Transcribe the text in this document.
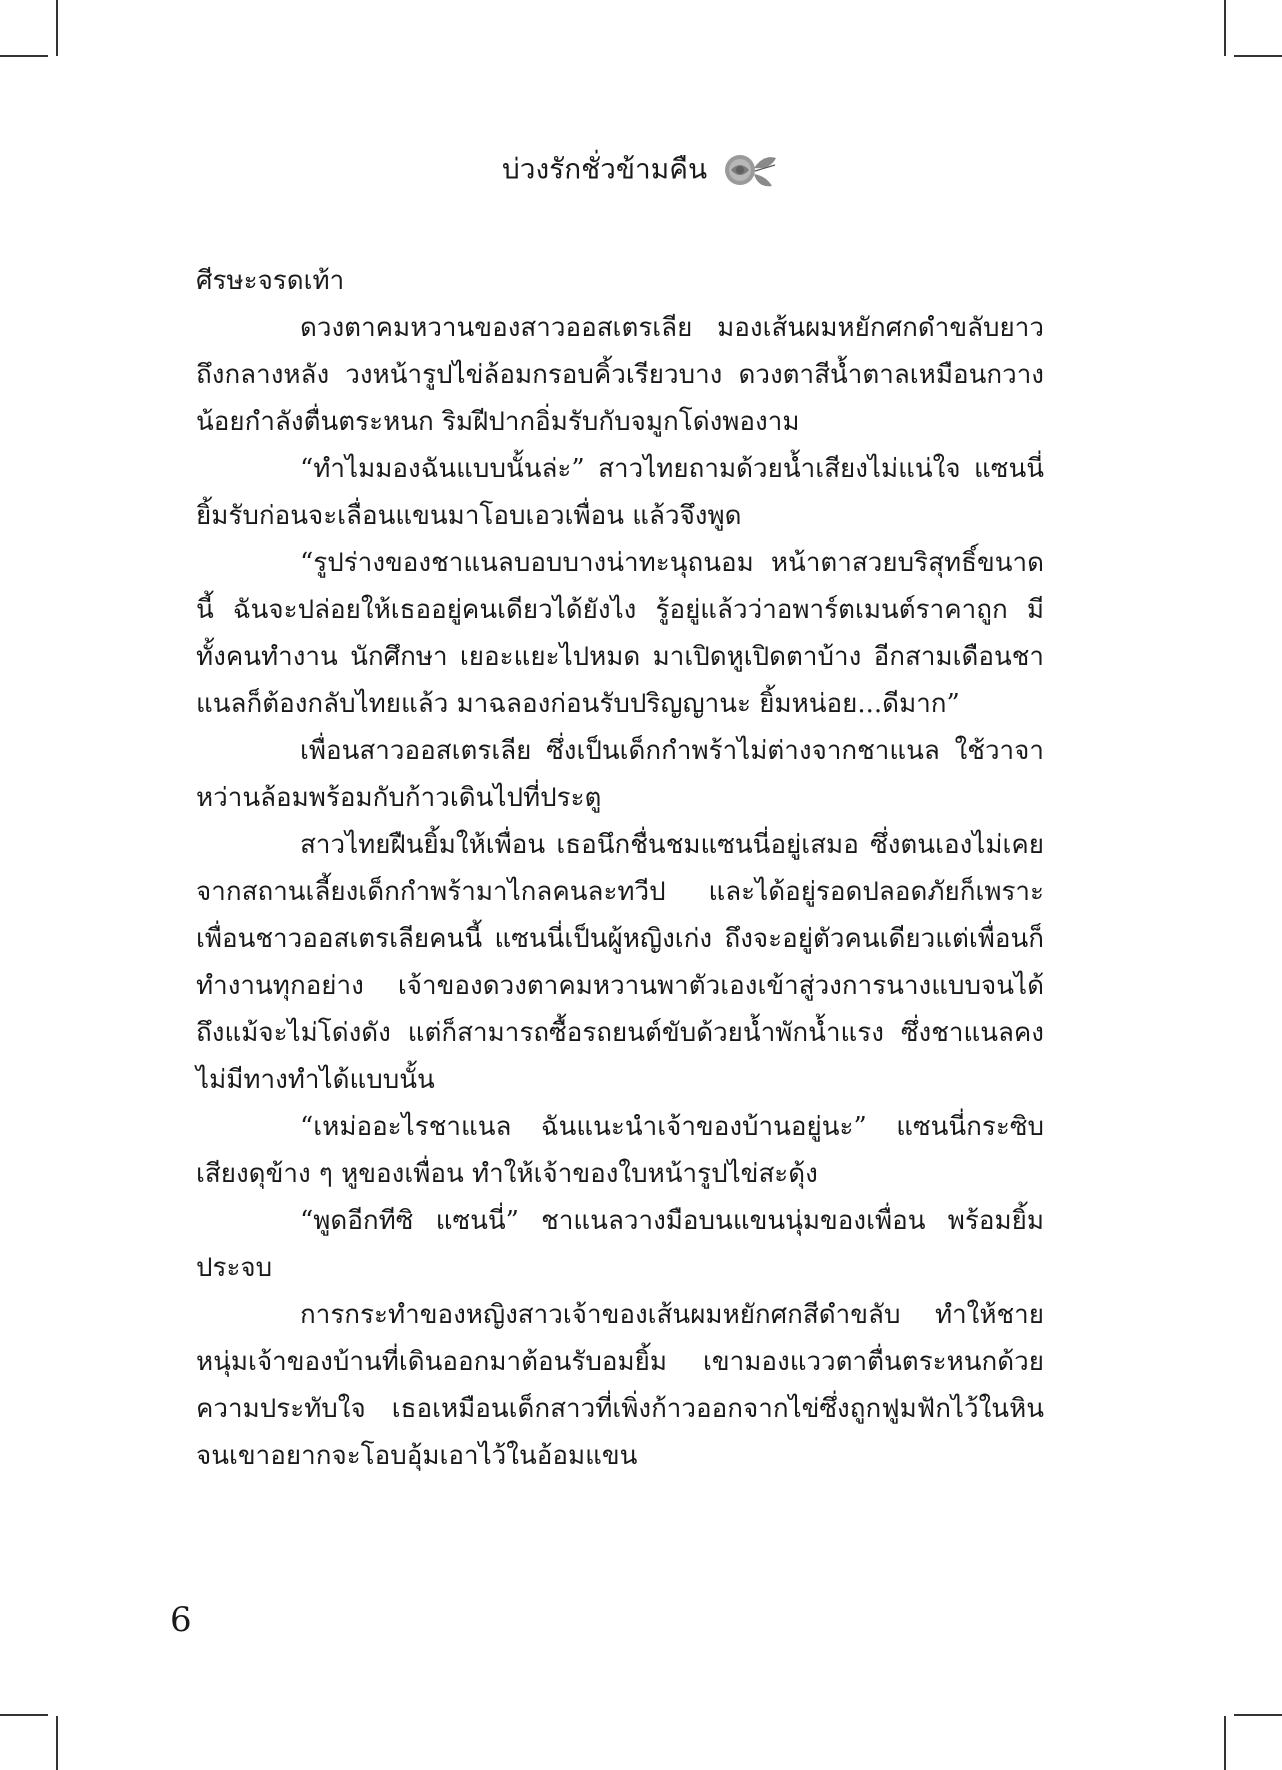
บ่วงรักชั่วข้ามคืน

ศีรษะจรดเท้า

ดวงตาคมหวานของสาวออสเตรเลีย มองเส้นผมหยักศกดำขลับยาวถึงกลางหลัง วงหน้ารูปไข่ล้อมกรอบคิ้วเรียวบาง ดวงตาสีน้ำตาลเหมือนกวางน้อยกำลังตื่นตระหนก ริมฝีปากอิ่มรับกับจมูกโด่งพองาม

“ทำไมมองฉันแบบนั้นล่ะ” สาวไทยถามด้วยน้ำเสียงไม่แน่ใจ แซนนี่ยิ้มรับก่อนจะเลื่อนแขนมาโอบเอวเพื่อน แล้วจึงพูด

“รูปร่างของชาแนลบอบบางน่าทะนุถนอม หน้าตาสวยบริสุทธิ์ขนาดนี้ ฉันจะปล่อยให้เธออยู่คนเดียวได้ยังไง รู้อยู่แล้วว่าอพาร์ตเมนต์ราคาถูก มีทั้งคนทำงาน นักศึกษา เยอะแยะไปหมด มาเปิดหูเปิดตาบ้าง อีกสามเดือนชาแนลก็ต้องกลับไทยแล้ว มาฉลองก่อนรับปริญญานะ ยิ้มหน่อย...ดีมาก”

เพื่อนสาวออสเตรเลีย ซึ่งเป็นเด็กกำพร้าไม่ต่างจากชาแนล ใช้วาจาหว่านล้อมพร้อมกับก้าวเดินไปที่ประตู

สาวไทยฝืนยิ้มให้เพื่อน เธอนึกชื่นชมแซนนี่อยู่เสมอ ซึ่งตนเองไม่เคยจากสถานเลี้ยงเด็กกำพร้ามาไกลคนละทวีป และได้อยู่รอดปลอดภัยก็เพราะเพื่อนชาวออสเตรเลียคนนี้ แซนนี่เป็นผู้หญิงเก่ง ถึงจะอยู่ตัวคนเดียวแต่เพื่อนก็ทำงานทุกอย่าง เจ้าของดวงตาคมหวานพาตัวเองเข้าสู่วงการนางแบบจนได้ ถึงแม้จะไม่โด่งดัง แต่ก็สามารถซื้อรถยนต์ขับด้วยน้ำพักน้ำแรง ซึ่งชาแนลคงไม่มีทางทำได้แบบนั้น

“เหม่ออะไรชาแนล ฉันแนะนำเจ้าของบ้านอยู่นะ” แซนนี่กระซิบเสียงดุข้าง ๆ หูของเพื่อน ทำให้เจ้าของใบหน้ารูปไข่สะดุ้ง

“พูดอีกทีซิ แซนนี่” ชาแนลวางมือบนแขนนุ่มของเพื่อน พร้อมยิ้มประจบ

การกระทำของหญิงสาวเจ้าของเส้นผมหยักศกสีดำขลับ ทำให้ชายหนุ่มเจ้าของบ้านที่เดินออกมาต้อนรับอมยิ้ม เขามองแววตาตื่นตระหนกด้วยความประทับใจ เธอเหมือนเด็กสาวที่เพิ่งก้าวออกจากไข่ซึ่งถูกฟูมฟักไว้ในหิน จนเขาอยากจะโอบอุ้มเอาไว้ในอ้อมแขน

6
